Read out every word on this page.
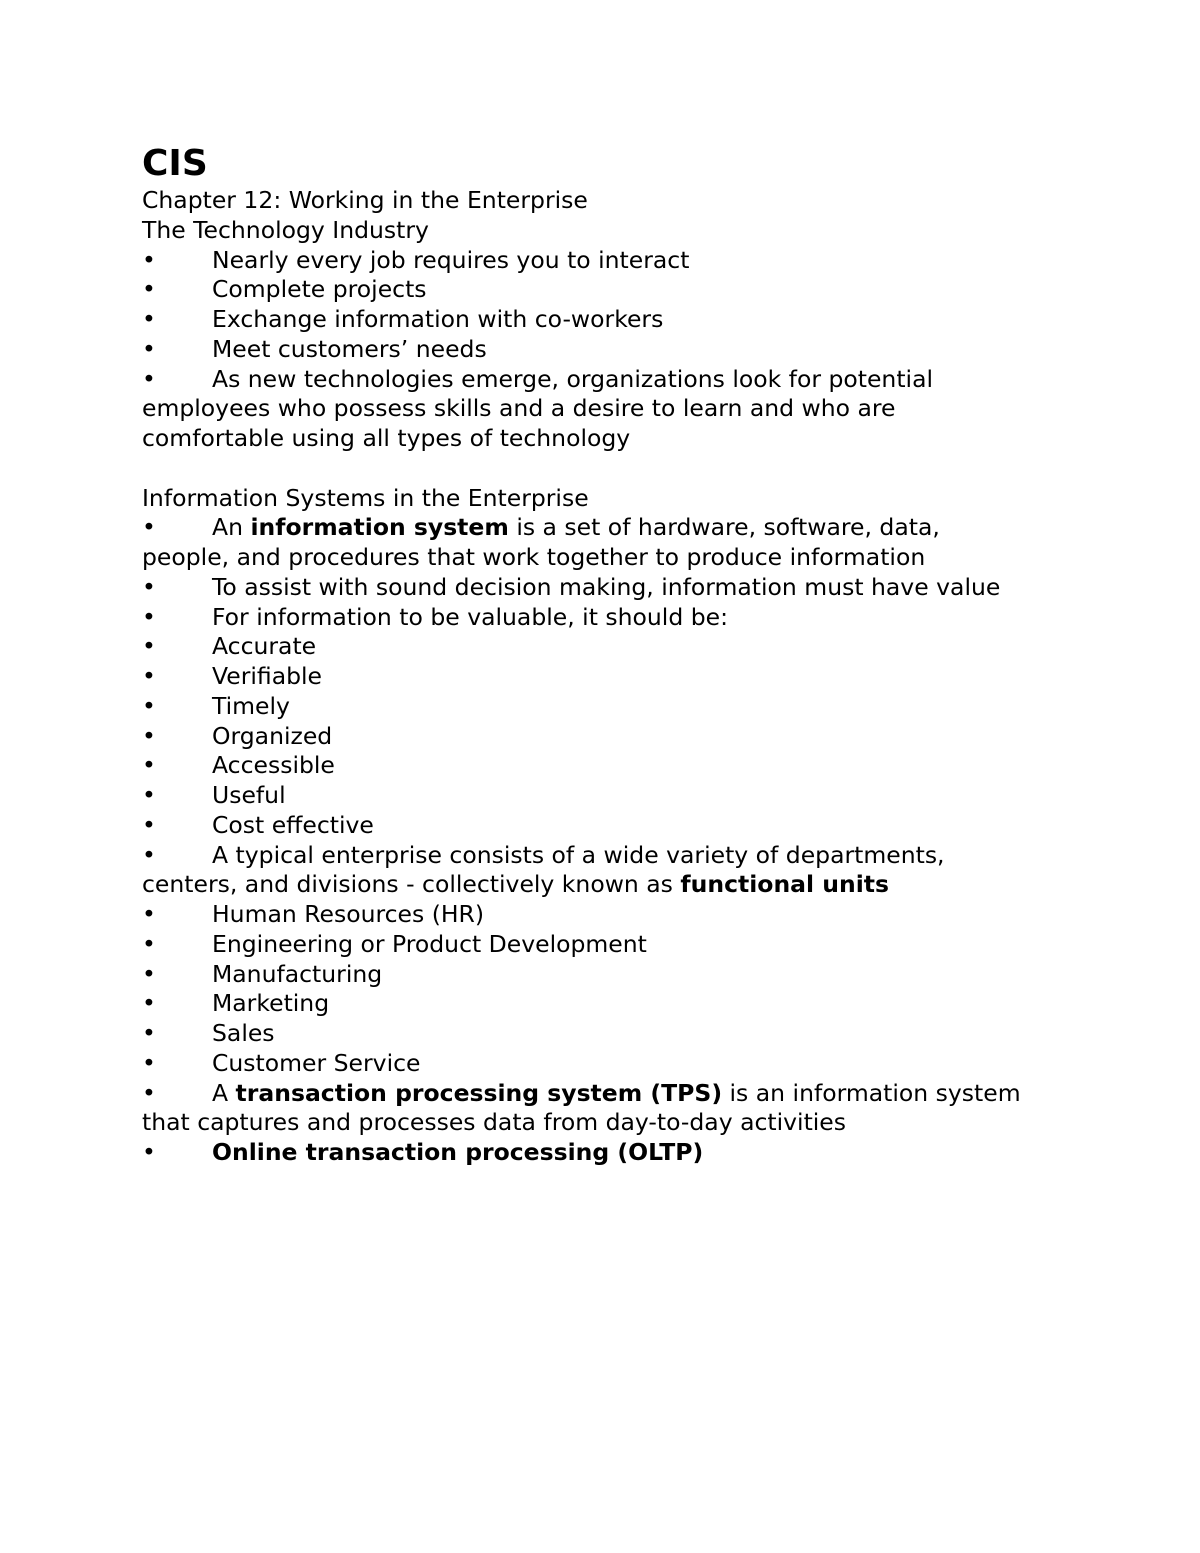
CIS
Chapter 12: Working in the Enterprise
The Technology Industry
• Nearly every job requires you to interact
• Complete projects
• Exchange information with co-workers
• Meet customers’ needs
• As new technologies emerge, organizations look for potential employees who possess skills and a desire to learn and who are comfortable using all types of technology
Information Systems in the Enterprise
• An information system is a set of hardware, software, data, people, and procedures that work together to produce information
• To assist with sound decision making, information must have value
• For information to be valuable, it should be:
• Accurate
• Verifiable
• Timely
• Organized
• Accessible
• Useful
• Cost effective
• A typical enterprise consists of a wide variety of departments, centers, and divisions - collectively known as functional units
• Human Resources (HR)
• Engineering or Product Development
• Manufacturing
• Marketing
• Sales
• Customer Service
• A transaction processing system (TPS) is an information system that captures and processes data from day-to-day activities
• Online transaction processing (OLTP)
